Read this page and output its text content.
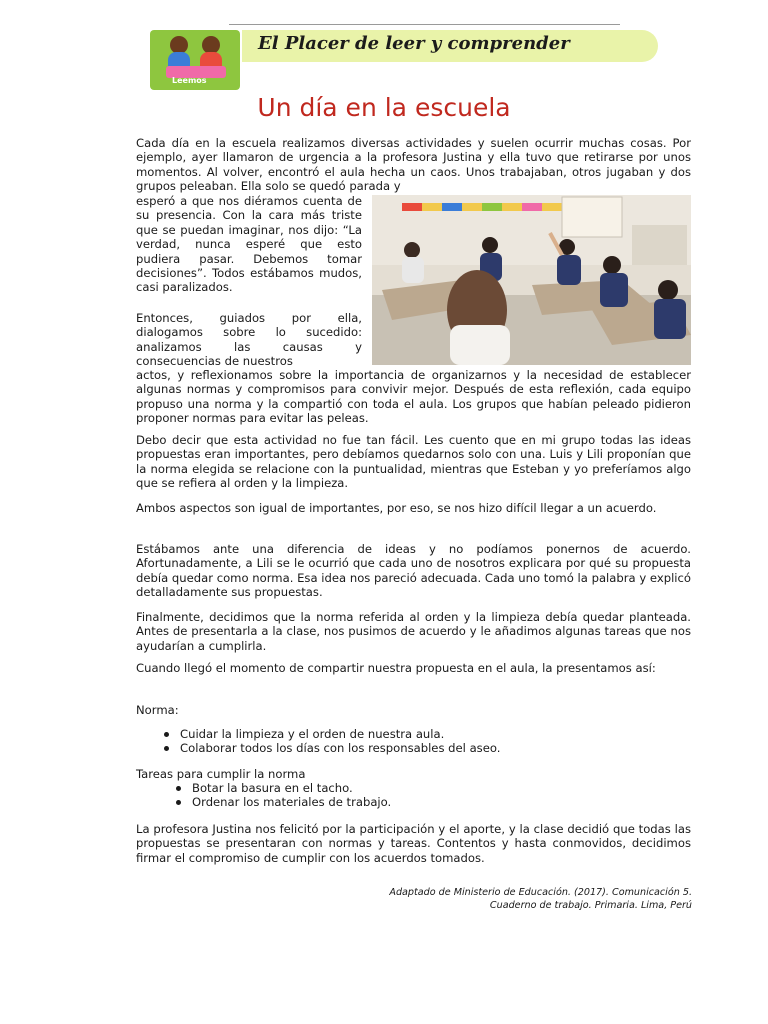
El Placer de leer y comprender
Leemos
Un día en la escuela

Cada día en la escuela realizamos diversas actividades y suelen ocurrir muchas cosas. Por ejemplo, ayer llamaron de urgencia a la profesora Justina y ella tuvo que retirarse por unos momentos. Al volver, encontró el aula hecha un caos. Unos trabajaban, otros jugaban y dos grupos peleaban. Ella solo se quedó parada y

esperó a que nos diéramos cuenta de su presencia. Con la cara más triste que se puedan imaginar, nos dijo: “La verdad, nunca esperé que esto pudiera pasar. Debemos tomar decisiones”. Todos estábamos mudos, casi paralizados.

Entonces, guiados por ella, dialogamos sobre lo sucedido: analizamos las causas y consecuencias de nuestros

actos, y reflexionamos sobre la importancia de organizarnos y la necesidad de establecer algunas normas y compromisos para convivir mejor. Después de esta reflexión, cada equipo propuso una norma y la compartió con toda el aula. Los grupos que habían peleado pidieron proponer normas para evitar las peleas.

Debo decir que esta actividad no fue tan fácil. Les cuento que en mi grupo todas las ideas propuestas eran importantes, pero debíamos quedarnos solo con una. Luis y Lili proponían que la norma elegida se relacione con la puntualidad, mientras que Esteban y yo preferíamos algo que se refiera al orden y la limpieza.

Ambos aspectos son igual de importantes, por eso, se nos hizo difícil llegar a un acuerdo.

Estábamos ante una diferencia de ideas y no podíamos ponernos de acuerdo. Afortunadamente, a Lili se le ocurrió que cada uno de nosotros explicara por qué su propuesta debía quedar como norma. Esa idea nos pareció adecuada. Cada uno tomó la palabra y explicó detalladamente sus propuestas.

Finalmente, decidimos que la norma referida al orden y la limpieza debía quedar planteada. Antes de presentarla a la clase, nos pusimos de acuerdo y le añadimos algunas tareas que nos ayudarían a cumplirla.

Cuando llegó el momento de compartir nuestra propuesta en el aula, la presentamos así:

Norma:
Cuidar la limpieza y el orden de nuestra aula.
Colaborar todos los días con los responsables del aseo.
Tareas para cumplir la norma
Botar la basura en el tacho.
Ordenar los materiales de trabajo.

La profesora Justina nos felicitó por la participación y el aporte, y la clase decidió que todas las propuestas se presentaran con normas y tareas. Contentos y hasta conmovidos, decidimos firmar el compromiso de cumplir con los acuerdos tomados.

Adaptado de Ministerio de Educación. (2017). Comunicación 5.
Cuaderno de trabajo. Primaria. Lima, Perú
